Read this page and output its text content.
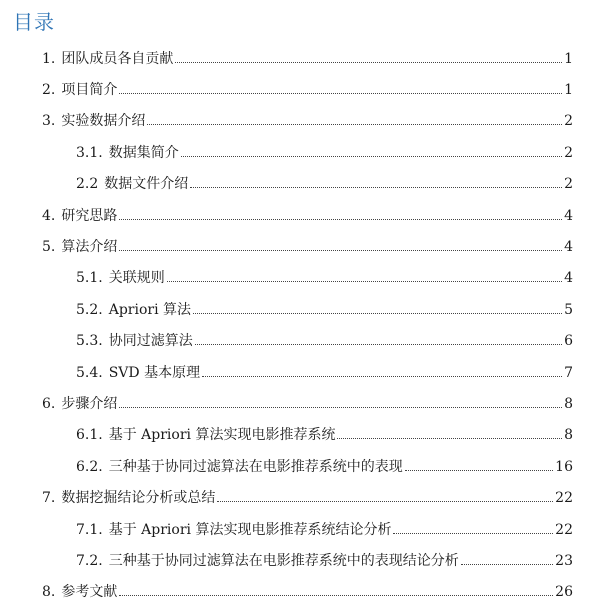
目录
1. 团队成员各自贡献	1
2. 项目简介	1
3. 实验数据介绍	2
3.1. 数据集简介	2
2.2 数据文件介绍	2
4. 研究思路	4
5. 算法介绍	4
5.1. 关联规则	4
5.2. Apriori 算法	5
5.3. 协同过滤算法	6
5.4. SVD 基本原理	7
6. 步骤介绍	8
6.1. 基于 Apriori 算法实现电影推荐系统	8
6.2. 三种基于协同过滤算法在电影推荐系统中的表现	16
7. 数据挖掘结论分析或总结	22
7.1. 基于 Apriori 算法实现电影推荐系统结论分析	22
7.2. 三种基于协同过滤算法在电影推荐系统中的表现结论分析	23
8. 参考文献	26
